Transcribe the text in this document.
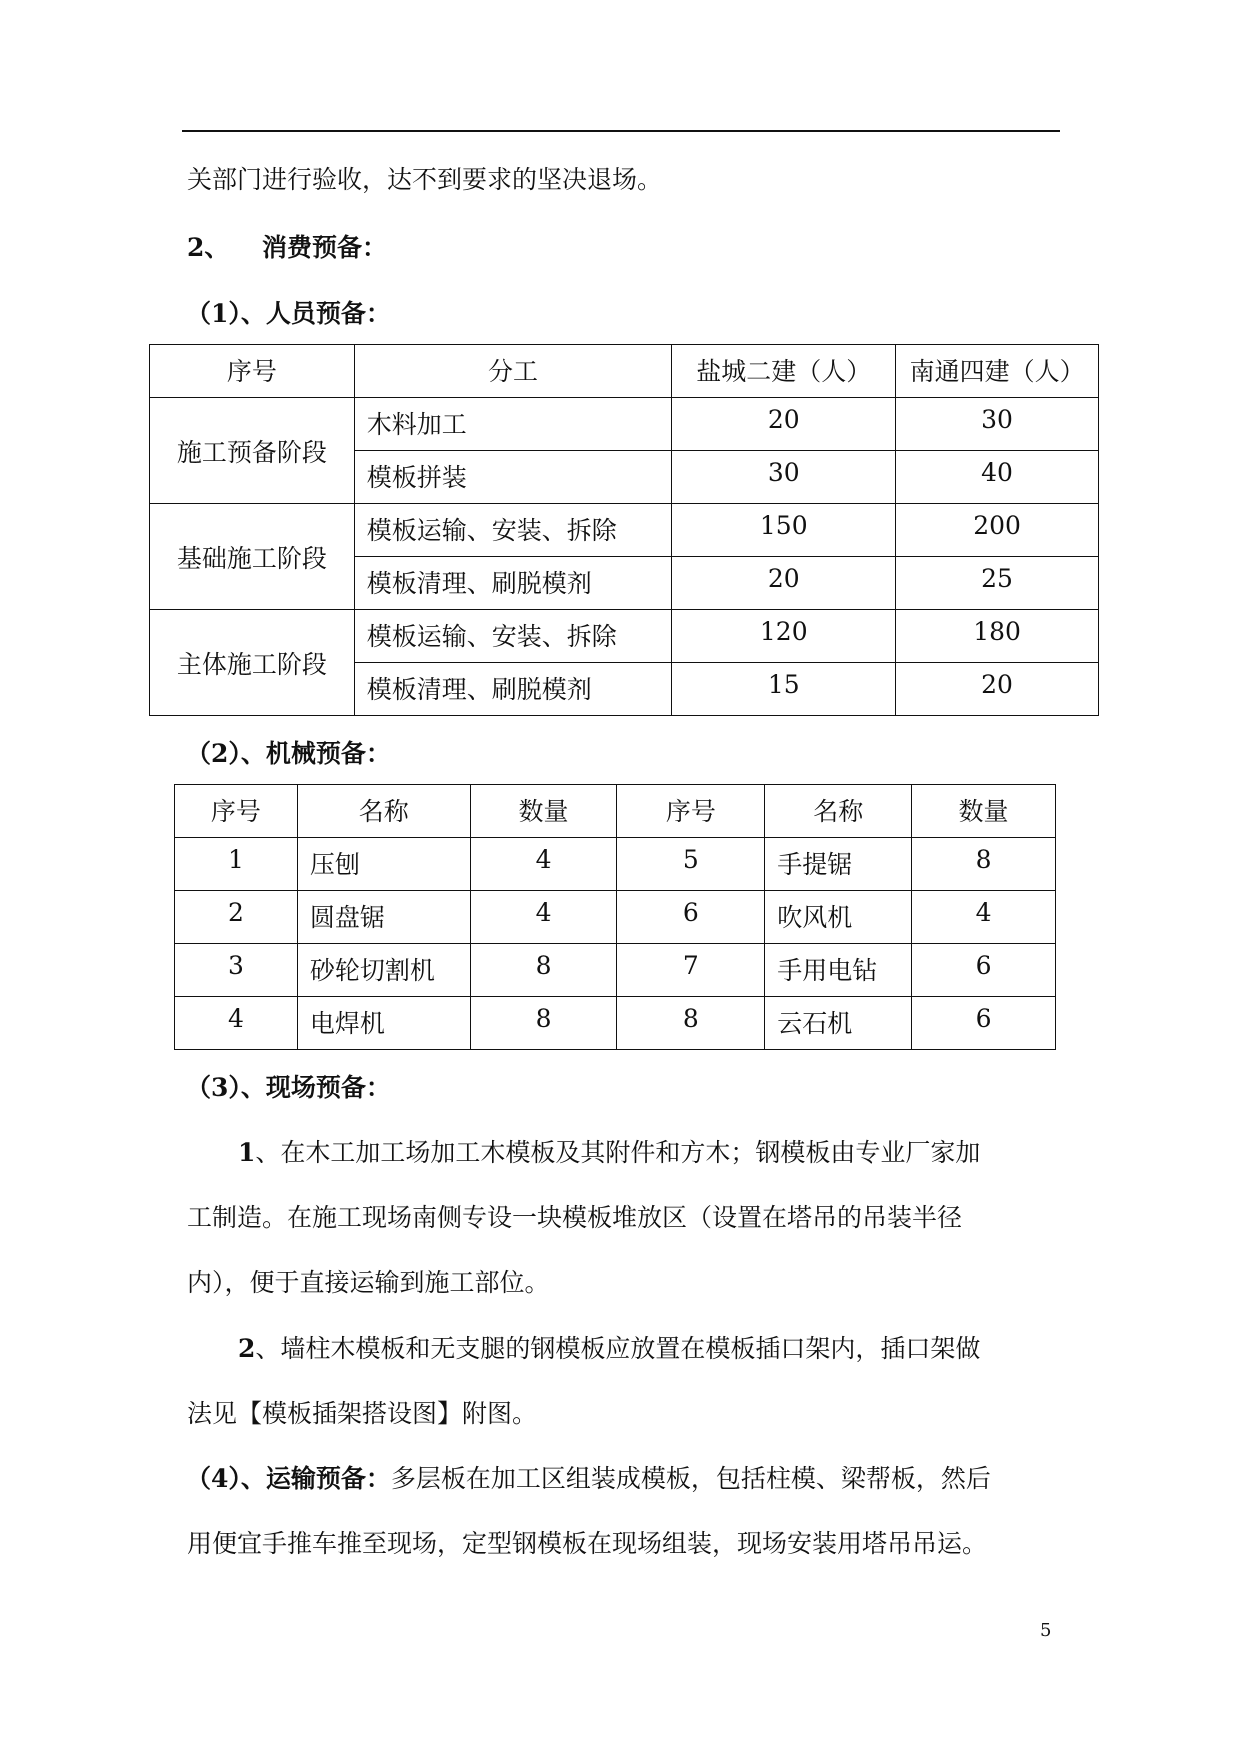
关部门进行验收，达不到要求的坚决退场。
2、 消费预备：
（1）、人员预备：
序号	分工	盐城二建（人）	南通四建（人）

施工预备阶段	木料加工	20	30

	模板拼装	30	40

基础施工阶段	模板运输、安装、拆除	150	200

	模板清理、刷脱模剂	20	25

主体施工阶段	模板运输、安装、拆除	120	180

	模板清理、刷脱模剂	15	20
（2）、机械预备：
序号	名称	数量	序号	名称	数量

1	压刨	4	5	手提锯	8

2	圆盘锯	4	6	吹风机	4

3	砂轮切割机	8	7	手用电钻	6

4	电焊机	8	8	云石机	6
（3）、现场预备：
1、在木工加工场加工木模板及其附件和方木；钢模板由专业厂家加
工制造。在施工现场南侧专设一块模板堆放区（设置在塔吊的吊装半径
内），便于直接运输到施工部位。
2、墙柱木模板和无支腿的钢模板应放置在模板插口架内，插口架做
法见【模板插架搭设图】附图。
（4）、运输预备：多层板在加工区组装成模板，包括柱模、梁帮板，然后
用便宜手推车推至现场，定型钢模板在现场组装，现场安装用塔吊吊运。
5
